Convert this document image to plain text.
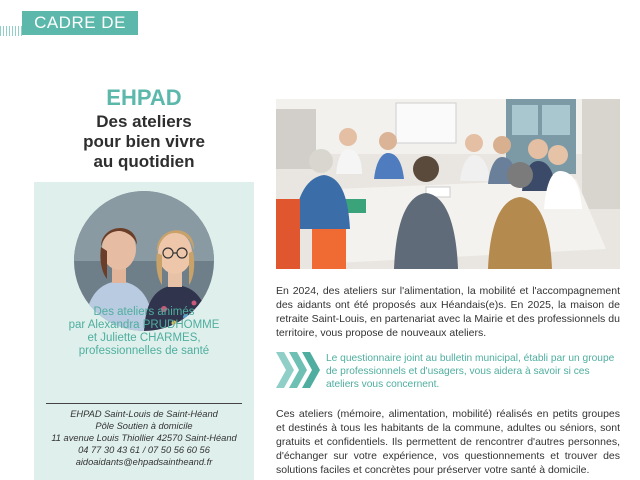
CADRE DE VIE
EHPAD
Des ateliers
pour bien vivre
au quotidien
Des ateliers animés
par Alexandra PRUDHOMME
et Juliette CHARMES,
professionnelles de santé
EHPAD Saint-Louis de Saint-Héand
Pôle Soutien à domicile
11 avenue Louis Thiollier 42570 Saint-Héand
04 77 30 43 61 / 07 50 56 60 56
aidoaidants@ehpadsaintheand.fr
En 2024, des ateliers sur l'alimentation, la mobilité et l'accompagnement des aidants ont été proposés aux Héandais(e)s. En 2025, la maison de retraite Saint-Louis, en partenariat avec la Mairie et des professionnels du territoire, vous propose de nouveaux ateliers.
Le questionnaire joint au bulletin municipal, établi par un groupe de professionnels et d'usagers, vous aidera à savoir si ces ateliers vous concernent.
Ces ateliers (mémoire, alimentation, mobilité) réalisés en petits groupes et destinés à tous les habitants de la commune, adultes ou séniors, sont gratuits et confidentiels. Ils permettent de rencontrer d'autres personnes, d'échanger sur votre expérience, vos questionnements et trouver des solutions faciles et concrètes pour préserver votre santé à domicile.
